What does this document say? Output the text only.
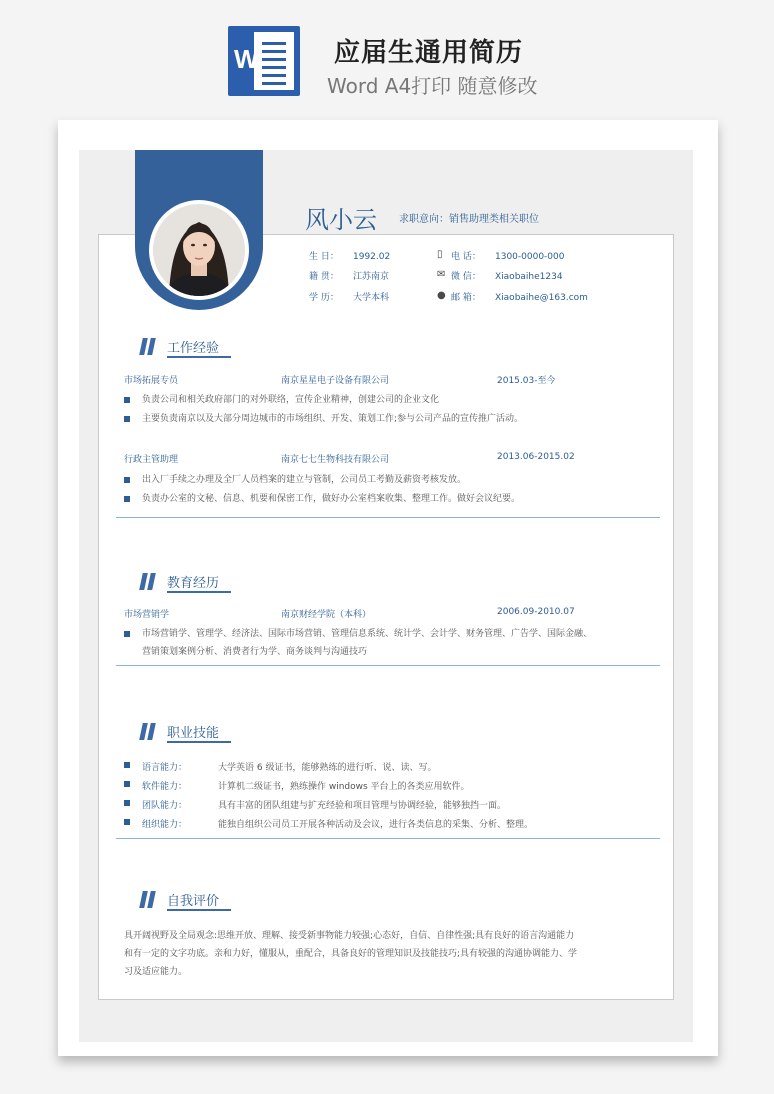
W	应届生通用简历
Word A4打印 随意修改
风小云 求职意向：销售助理类相关职位
生 日： 1992.02
籍 贯： 江苏南京
学 历： 大学本科
▯ 电 话： 1300-0000-000
✉ 微 信： Xiaobaihe1234
● 邮 箱： Xiaobaihe@163.com
工作经验
市场拓展专员	南京星星电子设备有限公司	2015.03-至今
负责公司和相关政府部门的对外联络，宣传企业精神，创建公司的企业文化
主要负责南京以及大部分周边城市的市场组织、开发、策划工作;参与公司产品的宣传推广活动。
行政主管助理	南京七七生物科技有限公司	2013.06-2015.02
出入厂手续之办理及全厂人员档案的建立与管制，公司员工考勤及薪资考核发放。
负责办公室的文秘、信息、机要和保密工作，做好办公室档案收集、整理工作。做好会议纪要。
教育经历
市场营销学	南京财经学院（本科）	2006.09-2010.07
市场营销学、管理学、经济法、国际市场营销、管理信息系统、统计学、会计学、财务管理、广告学、国际金融、
营销策划案例分析、消费者行为学、商务谈判与沟通技巧
职业技能
语言能力：	大学英语 6 级证书，能够熟练的进行听、说、读、写。
软件能力：	计算机二级证书，熟练操作 windows 平台上的各类应用软件。
团队能力：	具有丰富的团队组建与扩充经验和项目管理与协调经验，能够独挡一面。
组织能力：	能独自组织公司员工开展各种活动及会议，进行各类信息的采集、分析、整理。
自我评价
具开阔视野及全局观念:思维开放、理解、接受新事物能力较强;心态好，自信、自律性强;具有良好的语言沟通能力
和有一定的文字功底。亲和力好，懂服从，重配合，具备良好的管理知识及技能技巧;具有较强的沟通协调能力、学
习及适应能力。
